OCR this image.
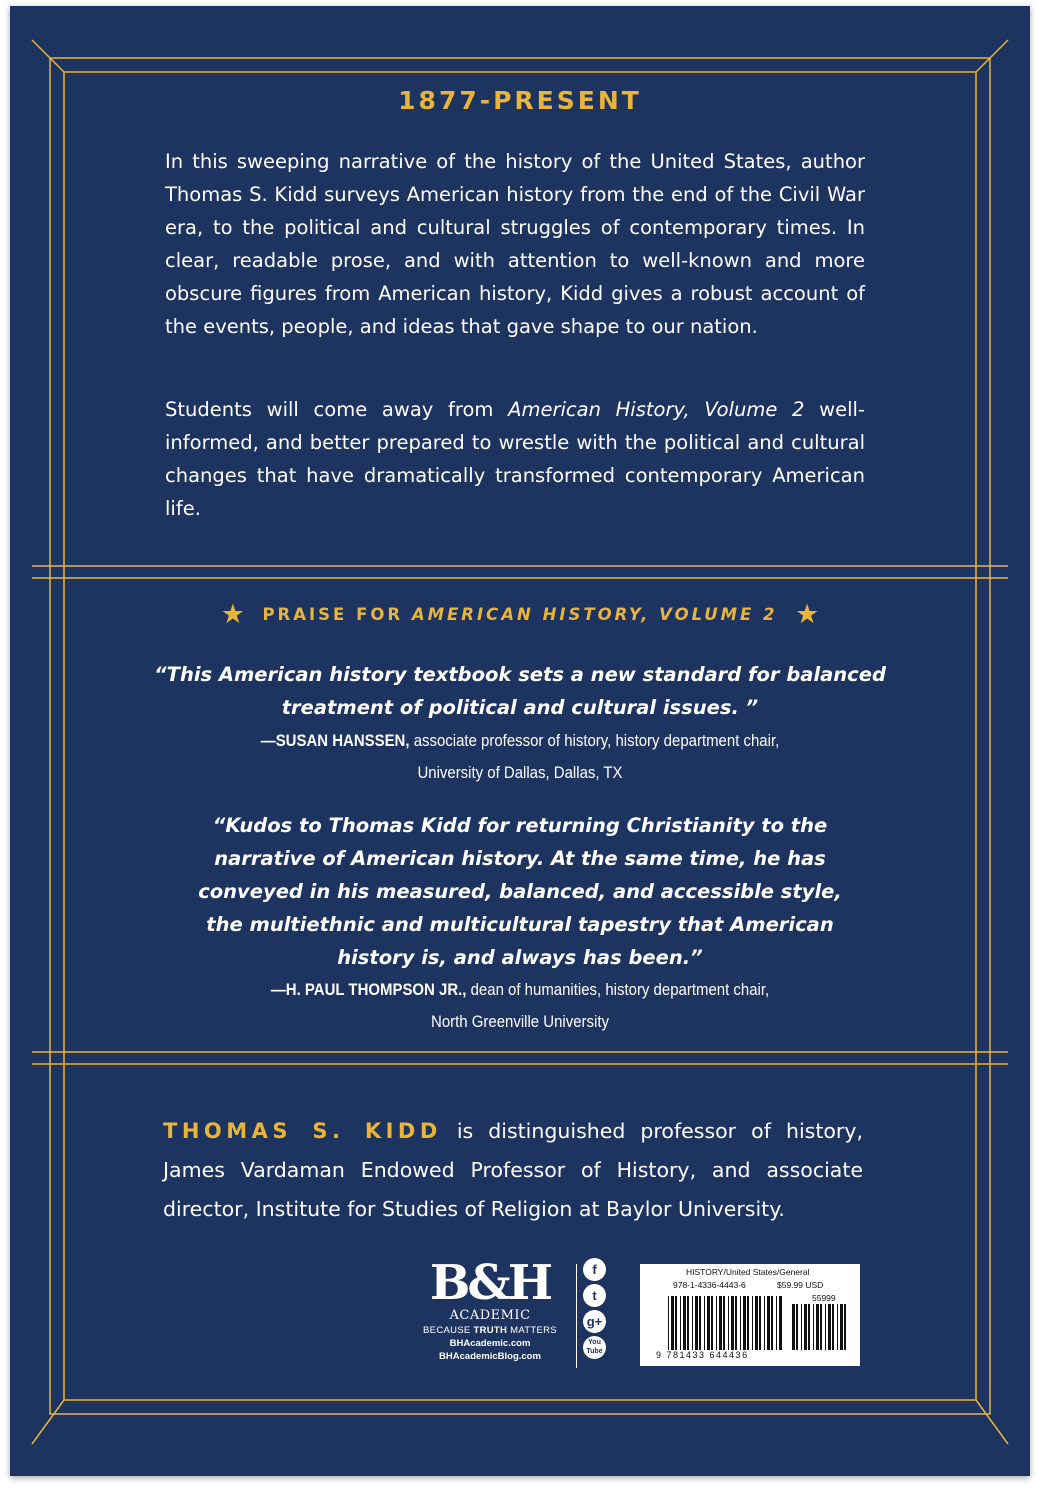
1877-PRESENT

In this sweeping narrative of the history of the United States, author Thomas S. Kidd surveys American history from the end of the Civil War era, to the political and cultural struggles of contemporary times. In clear, readable prose, and with attention to well-known and more obscure figures from American history, Kidd gives a robust account of the events, people, and ideas that gave shape to our nation.

Students will come away from American History, Volume 2 well-informed, and better prepared to wrestle with the political and cultural changes that have dramatically transformed contemporary American life.

★ PRAISE FOR AMERICAN HISTORY, VOLUME 2 ★

“This American history textbook sets a new standard for balanced treatment of political and cultural issues. ”

—SUSAN HANSSEN, associate professor of history, history department chair,
University of Dallas, Dallas, TX

“Kudos to Thomas Kidd for returning Christianity to the narrative of American history. At the same time, he has conveyed in his measured, balanced, and accessible style, the multiethnic and multicultural tapestry that American history is, and always has been.”

—H. PAUL THOMPSON JR., dean of humanities, history department chair,
North Greenville University

THOMAS S. KIDD is distinguished professor of history, James Vardaman Endowed Professor of History, and associate director, Institute for Studies of Religion at Baylor University.

B&H
ACADEMIC
BECAUSE TRUTH MATTERS
BHAcademic.com
BHAcademicBlog.com
f
t
g+
You Tube
HISTORY/United States/General
978-1-4336-4443-6	$59.99 USD
55999
9 781433 644436
